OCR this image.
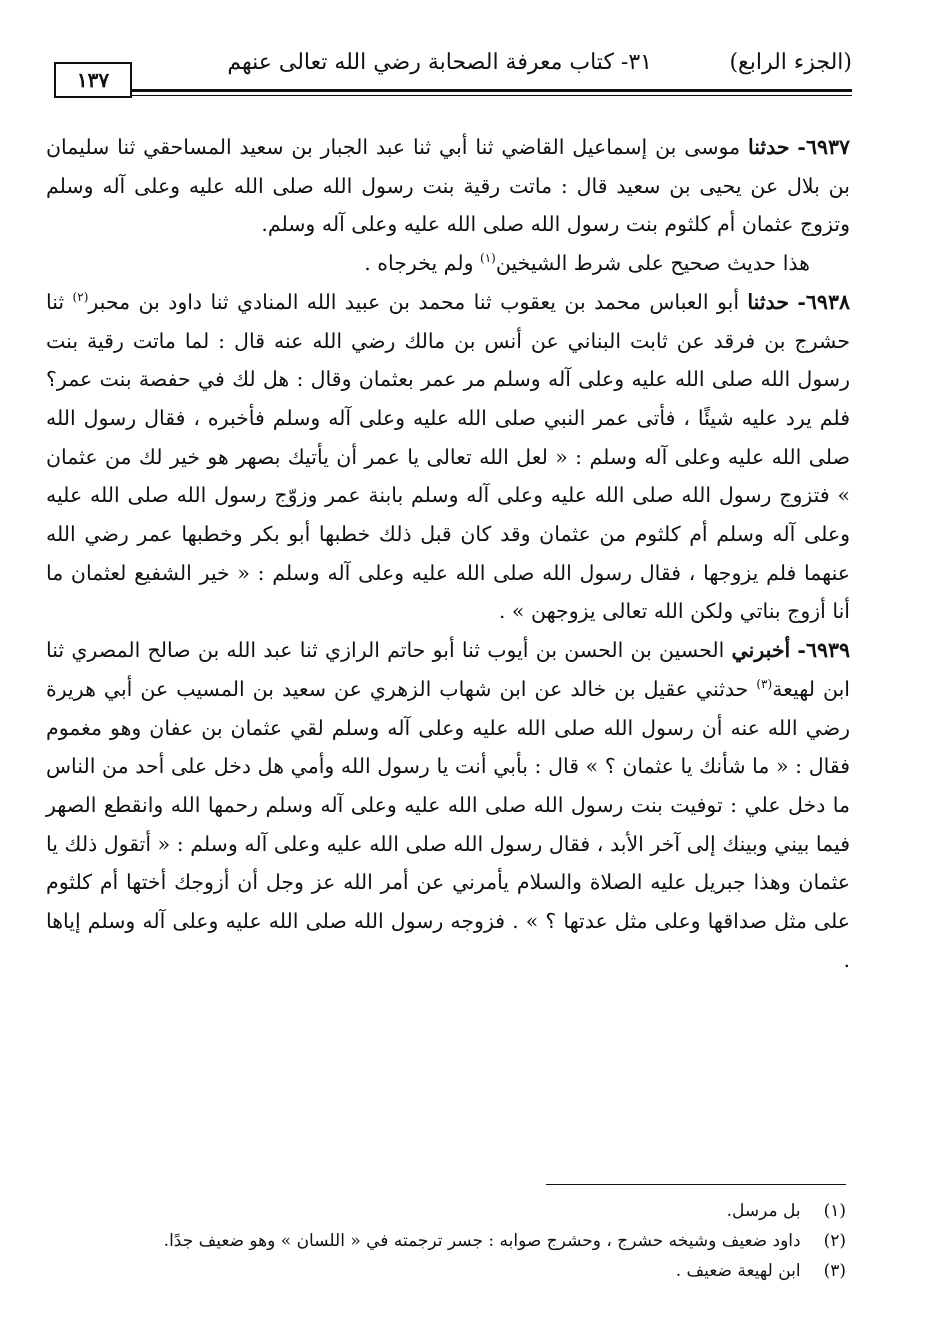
(الجزء الرابع)
٣١- كتاب معرفة الصحابة رضي الله تعالى عنهم
١٣٧

٦٩٣٧- حدثنا موسى بن إسماعيل القاضي ثنا أبي ثنا عبد الجبار بن سعيد المساحقي ثنا سليمان بن بلال عن يحيى بن سعيد قال : ماتت رقية بنت رسول الله صلى الله عليه وعلى آله وسلم وتزوج عثمان أم كلثوم بنت رسول الله صلى الله عليه وعلى آله وسلم.

هذا حديث صحيح على شرط الشيخين$^{(١)}$ ولم يخرجاه .

٦٩٣٨- حدثنا أبو العباس محمد بن يعقوب ثنا محمد بن عبيد الله المنادي ثنا داود بن محبر$^{(٢)}$ ثنا حشرج بن فرقد عن ثابت البناني عن أنس بن مالك رضي الله عنه قال : لما ماتت رقية بنت رسول الله صلى الله عليه وعلى آله وسلم مر عمر بعثمان وقال : هل لك في حفصة بنت عمر؟ فلم يرد عليه شيئًا ، فأتى عمر النبي صلى الله عليه وعلى آله وسلم فأخبره ، فقال رسول الله صلى الله عليه وعلى آله وسلم : « لعل الله تعالى يا عمر أن يأتيك بصهر هو خير لك من عثمان » فتزوج رسول الله صلى الله عليه وعلى آله وسلم بابنة عمر وزوّج رسول الله صلى الله عليه وعلى آله وسلم أم كلثوم من عثمان وقد كان قبل ذلك خطبها أبو بكر وخطبها عمر رضي الله عنهما فلم يزوجها ، فقال رسول الله صلى الله عليه وعلى آله وسلم : « خير الشفيع لعثمان ما أنا أزوج بناتي ولكن الله تعالى يزوجهن » .

٦٩٣٩- أخبرني الحسين بن الحسن بن أيوب ثنا أبو حاتم الرازي ثنا عبد الله بن صالح المصري ثنا ابن لهيعة$^{(٣)}$ حدثني عقيل بن خالد عن ابن شهاب الزهري عن سعيد بن المسيب عن أبي هريرة رضي الله عنه أن رسول الله صلى الله عليه وعلى آله وسلم لقي عثمان بن عفان وهو مغموم فقال : « ما شأنك يا عثمان ؟ » قال : بأبي أنت يا رسول الله وأمي هل دخل على أحد من الناس ما دخل علي : توفيت بنت رسول الله صلى الله عليه وعلى آله وسلم رحمها الله وانقطع الصهر فيما بيني وبينك إلى آخر الأبد ، فقال رسول الله صلى الله عليه وعلى آله وسلم : « أتقول ذلك يا عثمان وهذا جبريل عليه الصلاة والسلام يأمرني عن أمر الله عز وجل أن أزوجك أختها أم كلثوم على مثل صداقها وعلى مثل عدتها ؟ » . فزوجه رسول الله صلى الله عليه وعلى آله وسلم إياها .

(١) بل مرسل.

(٢) داود ضعيف وشيخه حشرج ، وحشرج صوابه : جسر ترجمته في « اللسان » وهو ضعيف جدًا.

(٣) ابن لهيعة ضعيف .
